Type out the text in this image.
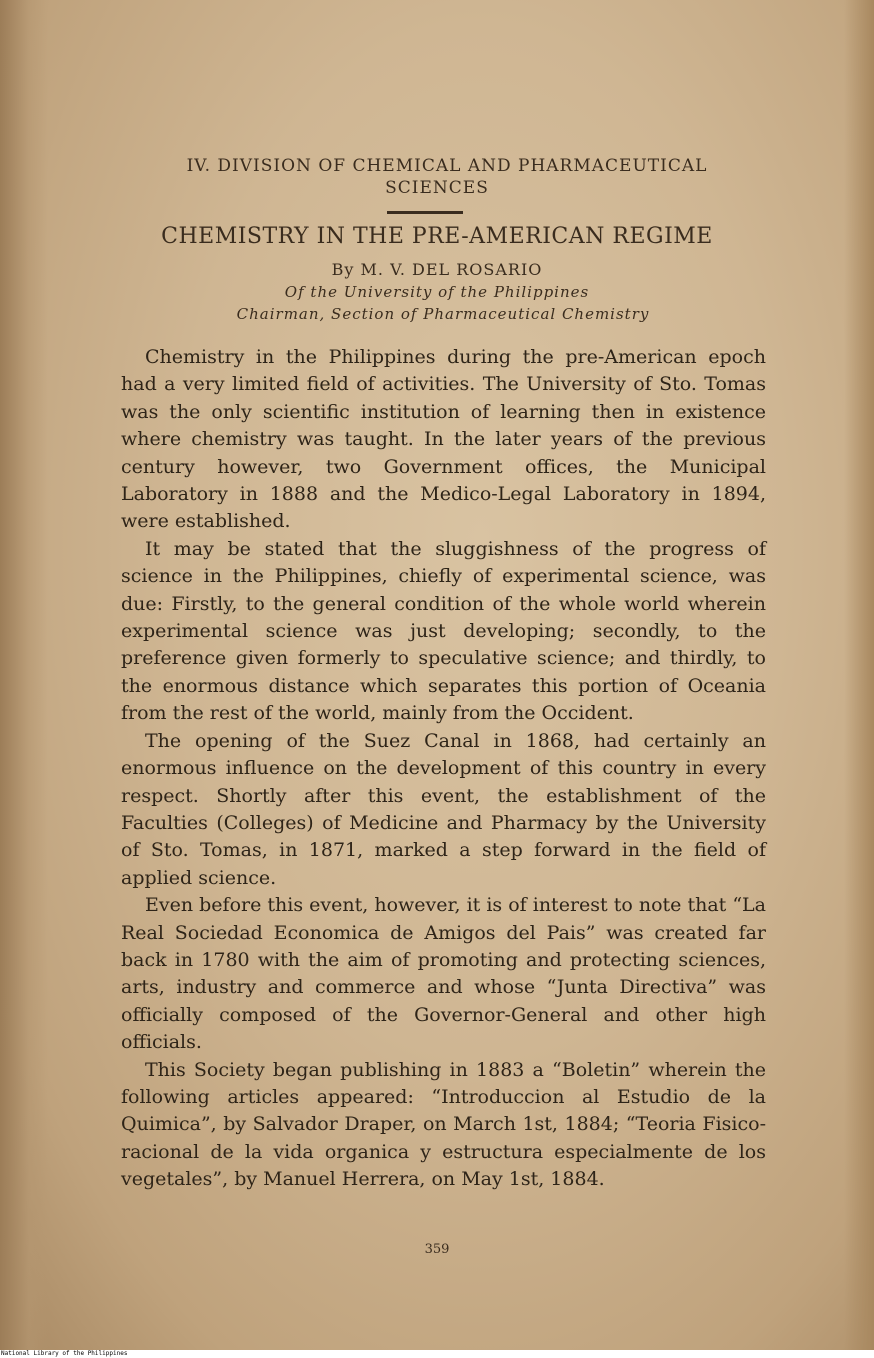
IV. DIVISION OF CHEMICAL AND PHARMACEUTICAL
SCIENCES
CHEMISTRY IN THE PRE-AMERICAN REGIME
By M. V. DEL ROSARIO
Of the University of the Philippines
Chairman, Section of Pharmaceutical Chemistry

Chemistry in the Philippines during the pre-American epoch had a very limited field of activities. The University of Sto. Tomas was the only scientific institution of learning then in existence where chemistry was taught. In the later years of the previous century however, two Government offices, the Municipal Laboratory in 1888 and the Medico-Legal Laboratory in 1894, were established.

It may be stated that the sluggishness of the progress of science in the Philippines, chiefly of experimental science, was due: Firstly, to the general condition of the whole world wherein experimental science was just developing; secondly, to the preference given formerly to speculative science; and thirdly, to the enormous distance which separates this portion of Oceania from the rest of the world, mainly from the Occident.

The opening of the Suez Canal in 1868, had certainly an enormous influence on the development of this country in every respect. Shortly after this event, the establishment of the Faculties (Colleges) of Medicine and Pharmacy by the University of Sto. Tomas, in 1871, marked a step forward in the field of applied science.

Even before this event, however, it is of interest to note that “La Real Sociedad Economica de Amigos del Pais” was created far back in 1780 with the aim of promoting and protecting sciences, arts, industry and commerce and whose “Junta Directiva” was officially composed of the Governor-General and other high officials.

This Society began publishing in 1883 a “Boletin” wherein the following articles appeared: “Introduccion al Estudio de la Quimica”, by Salvador Draper, on March 1st, 1884; “Teoria Fisico-racional de la vida organica y estructura especialmente de los vegetales”, by Manuel Herrera, on May 1st, 1884.

359
National Library of the Philippines
